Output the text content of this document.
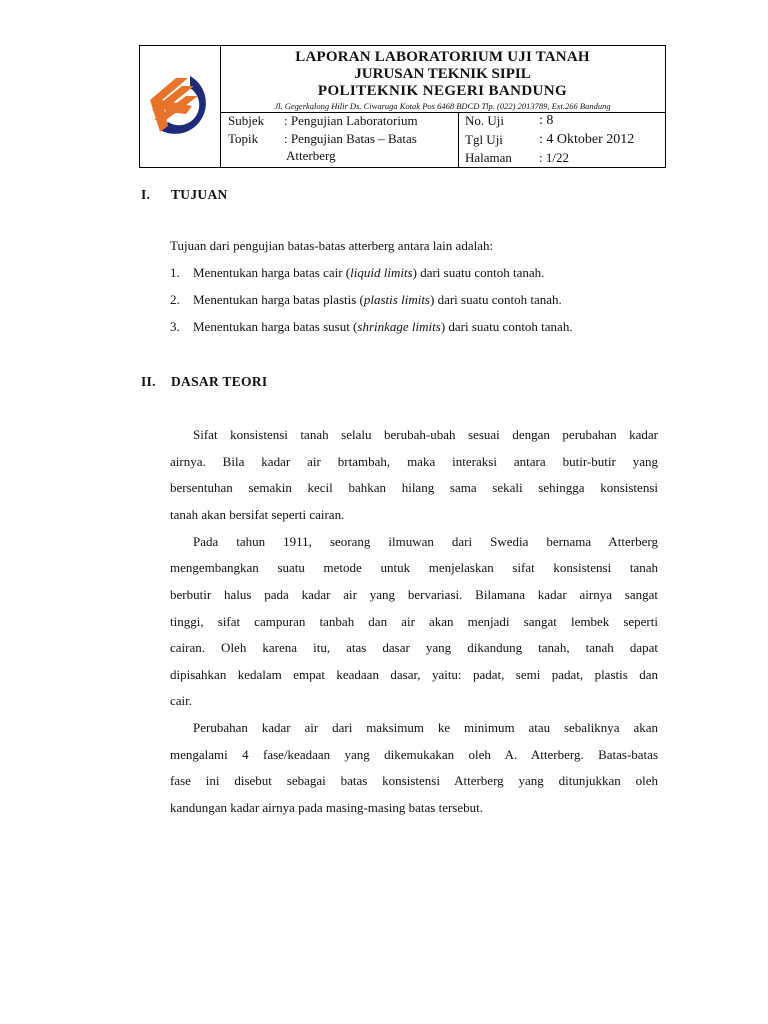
LAPORAN LABORATORIUM UJI TANAH
JURUSAN TEKNIK SIPIL
POLITEKNIK NEGERI BANDUNG
Jl. Gegerkalong Hilir Ds. Ciwaruga Kotak Pos 6468 BDCD Tlp. (022) 2013789, Ext.266 Bandung
Subjek : Pengujian Laboratorium
Topik : Pengujian Batas – Batas
Atterberg
No. Uji	: 8
Tgl Uji	: 4 Oktober 2012
Halaman : 1/22
I. TUJUAN
Tujuan dari pengujian batas-batas atterberg antara lain adalah:
1. Menentukan harga batas cair (liquid limits) dari suatu contoh tanah.
2. Menentukan harga batas plastis (plastis limits) dari suatu contoh tanah.
3. Menentukan harga batas susut (shrinkage limits) dari suatu contoh tanah.
II. DASAR TEORI
Sifat konsistensi tanah selalu berubah-ubah sesuai dengan perubahan kadar
airnya. Bila kadar air brtambah, maka interaksi antara butir-butir yang
bersentuhan semakin kecil bahkan hilang sama sekali sehingga konsistensi
tanah akan bersifat seperti cairan.
Pada tahun 1911, seorang ilmuwan dari Swedia bernama Atterberg
mengembangkan suatu metode untuk menjelaskan sifat konsistensi tanah
berbutir halus pada kadar air yang bervariasi. Bilamana kadar airnya sangat
tinggi, sifat campuran tanbah dan air akan menjadi sangat lembek seperti
cairan. Oleh karena itu, atas dasar yang dikandung tanah, tanah dapat
dipisahkan kedalam empat keadaan dasar, yaitu: padat, semi padat, plastis dan
cair.
Perubahan kadar air dari maksimum ke minimum atau sebaliknya akan
mengalami 4 fase/keadaan yang dikemukakan oleh A. Atterberg. Batas-batas
fase ini disebut sebagai batas konsistensi Atterberg yang ditunjukkan oleh
kandungan kadar airnya pada masing-masing batas tersebut.
